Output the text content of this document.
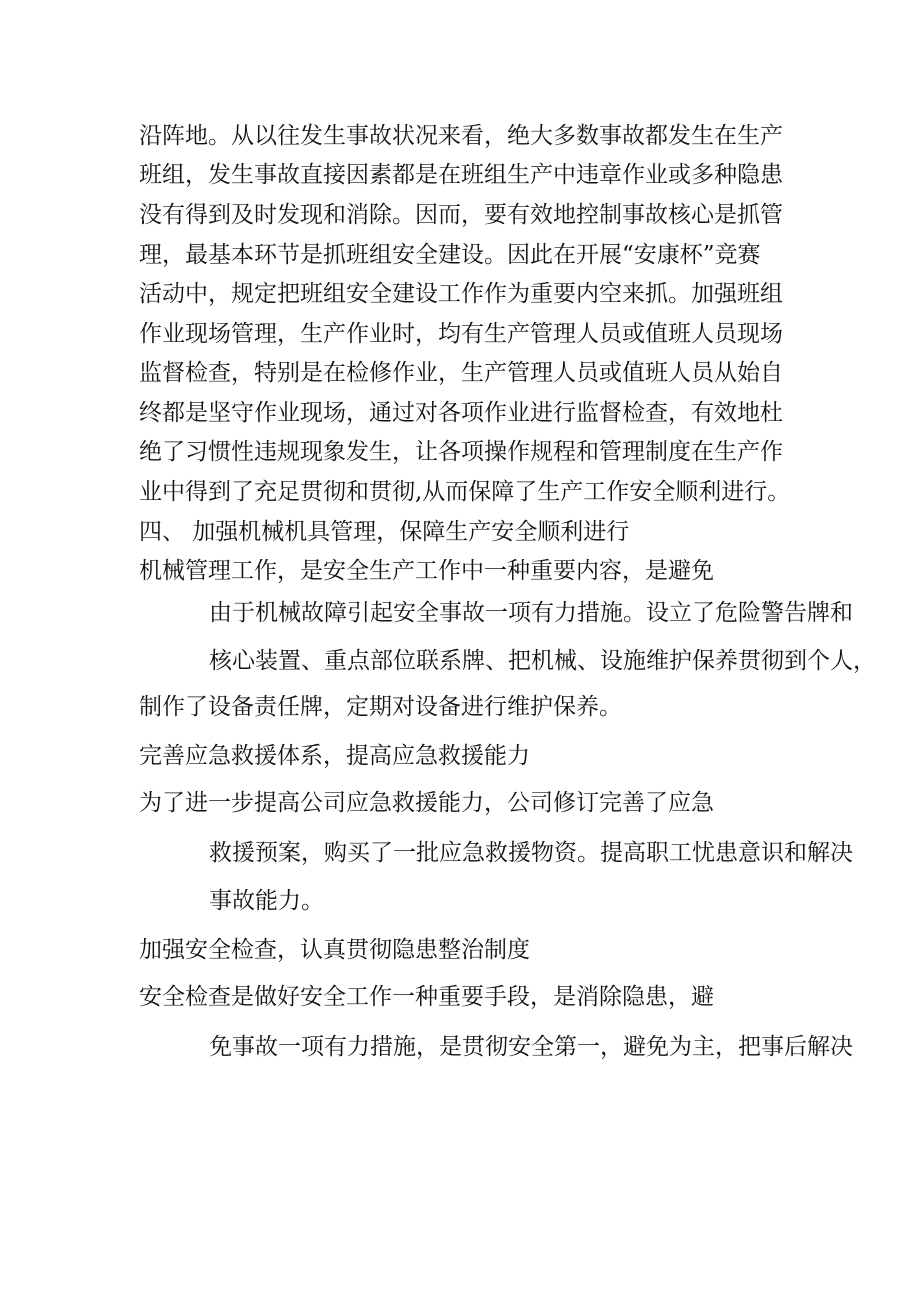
沿阵地。从以往发生事故状况来看，绝大多数事故都发生在生产
班组，发生事故直接因素都是在班组生产中违章作业或多种隐患
没有得到及时发现和消除。因而，要有效地控制事故核心是抓管
理，最基本环节是抓班组安全建设。因此在开展“安康杯”竞赛
活动中，规定把班组安全建设工作作为重要内空来抓。加强班组
作业现场管理，生产作业时，均有生产管理人员或值班人员现场
监督检查，特别是在检修作业，生产管理人员或值班人员从始自
终都是坚守作业现场，通过对各项作业进行监督检查，有效地杜
绝了习惯性违规现象发生，让各项操作规程和管理制度在生产作
业中得到了充足贯彻和贯彻,从而保障了生产工作安全顺利进行。
四、 加强机械机具管理，保障生产安全顺利进行
机械管理工作，是安全生产工作中一种重要内容，是避免
由于机械故障引起安全事故一项有力措施。设立了危险警告牌和
核心装置、重点部位联系牌、把机械、设施维护保养贯彻到个人，
制作了设备责任牌，定期对设备进行维护保养。
完善应急救援体系，提高应急救援能力
为了进一步提高公司应急救援能力，公司修订完善了应急
救援预案，购买了一批应急救援物资。提高职工忧患意识和解决
事故能力。
加强安全检查，认真贯彻隐患整治制度
安全检查是做好安全工作一种重要手段，是消除隐患，避
免事故一项有力措施，是贯彻安全第一，避免为主，把事后解决
